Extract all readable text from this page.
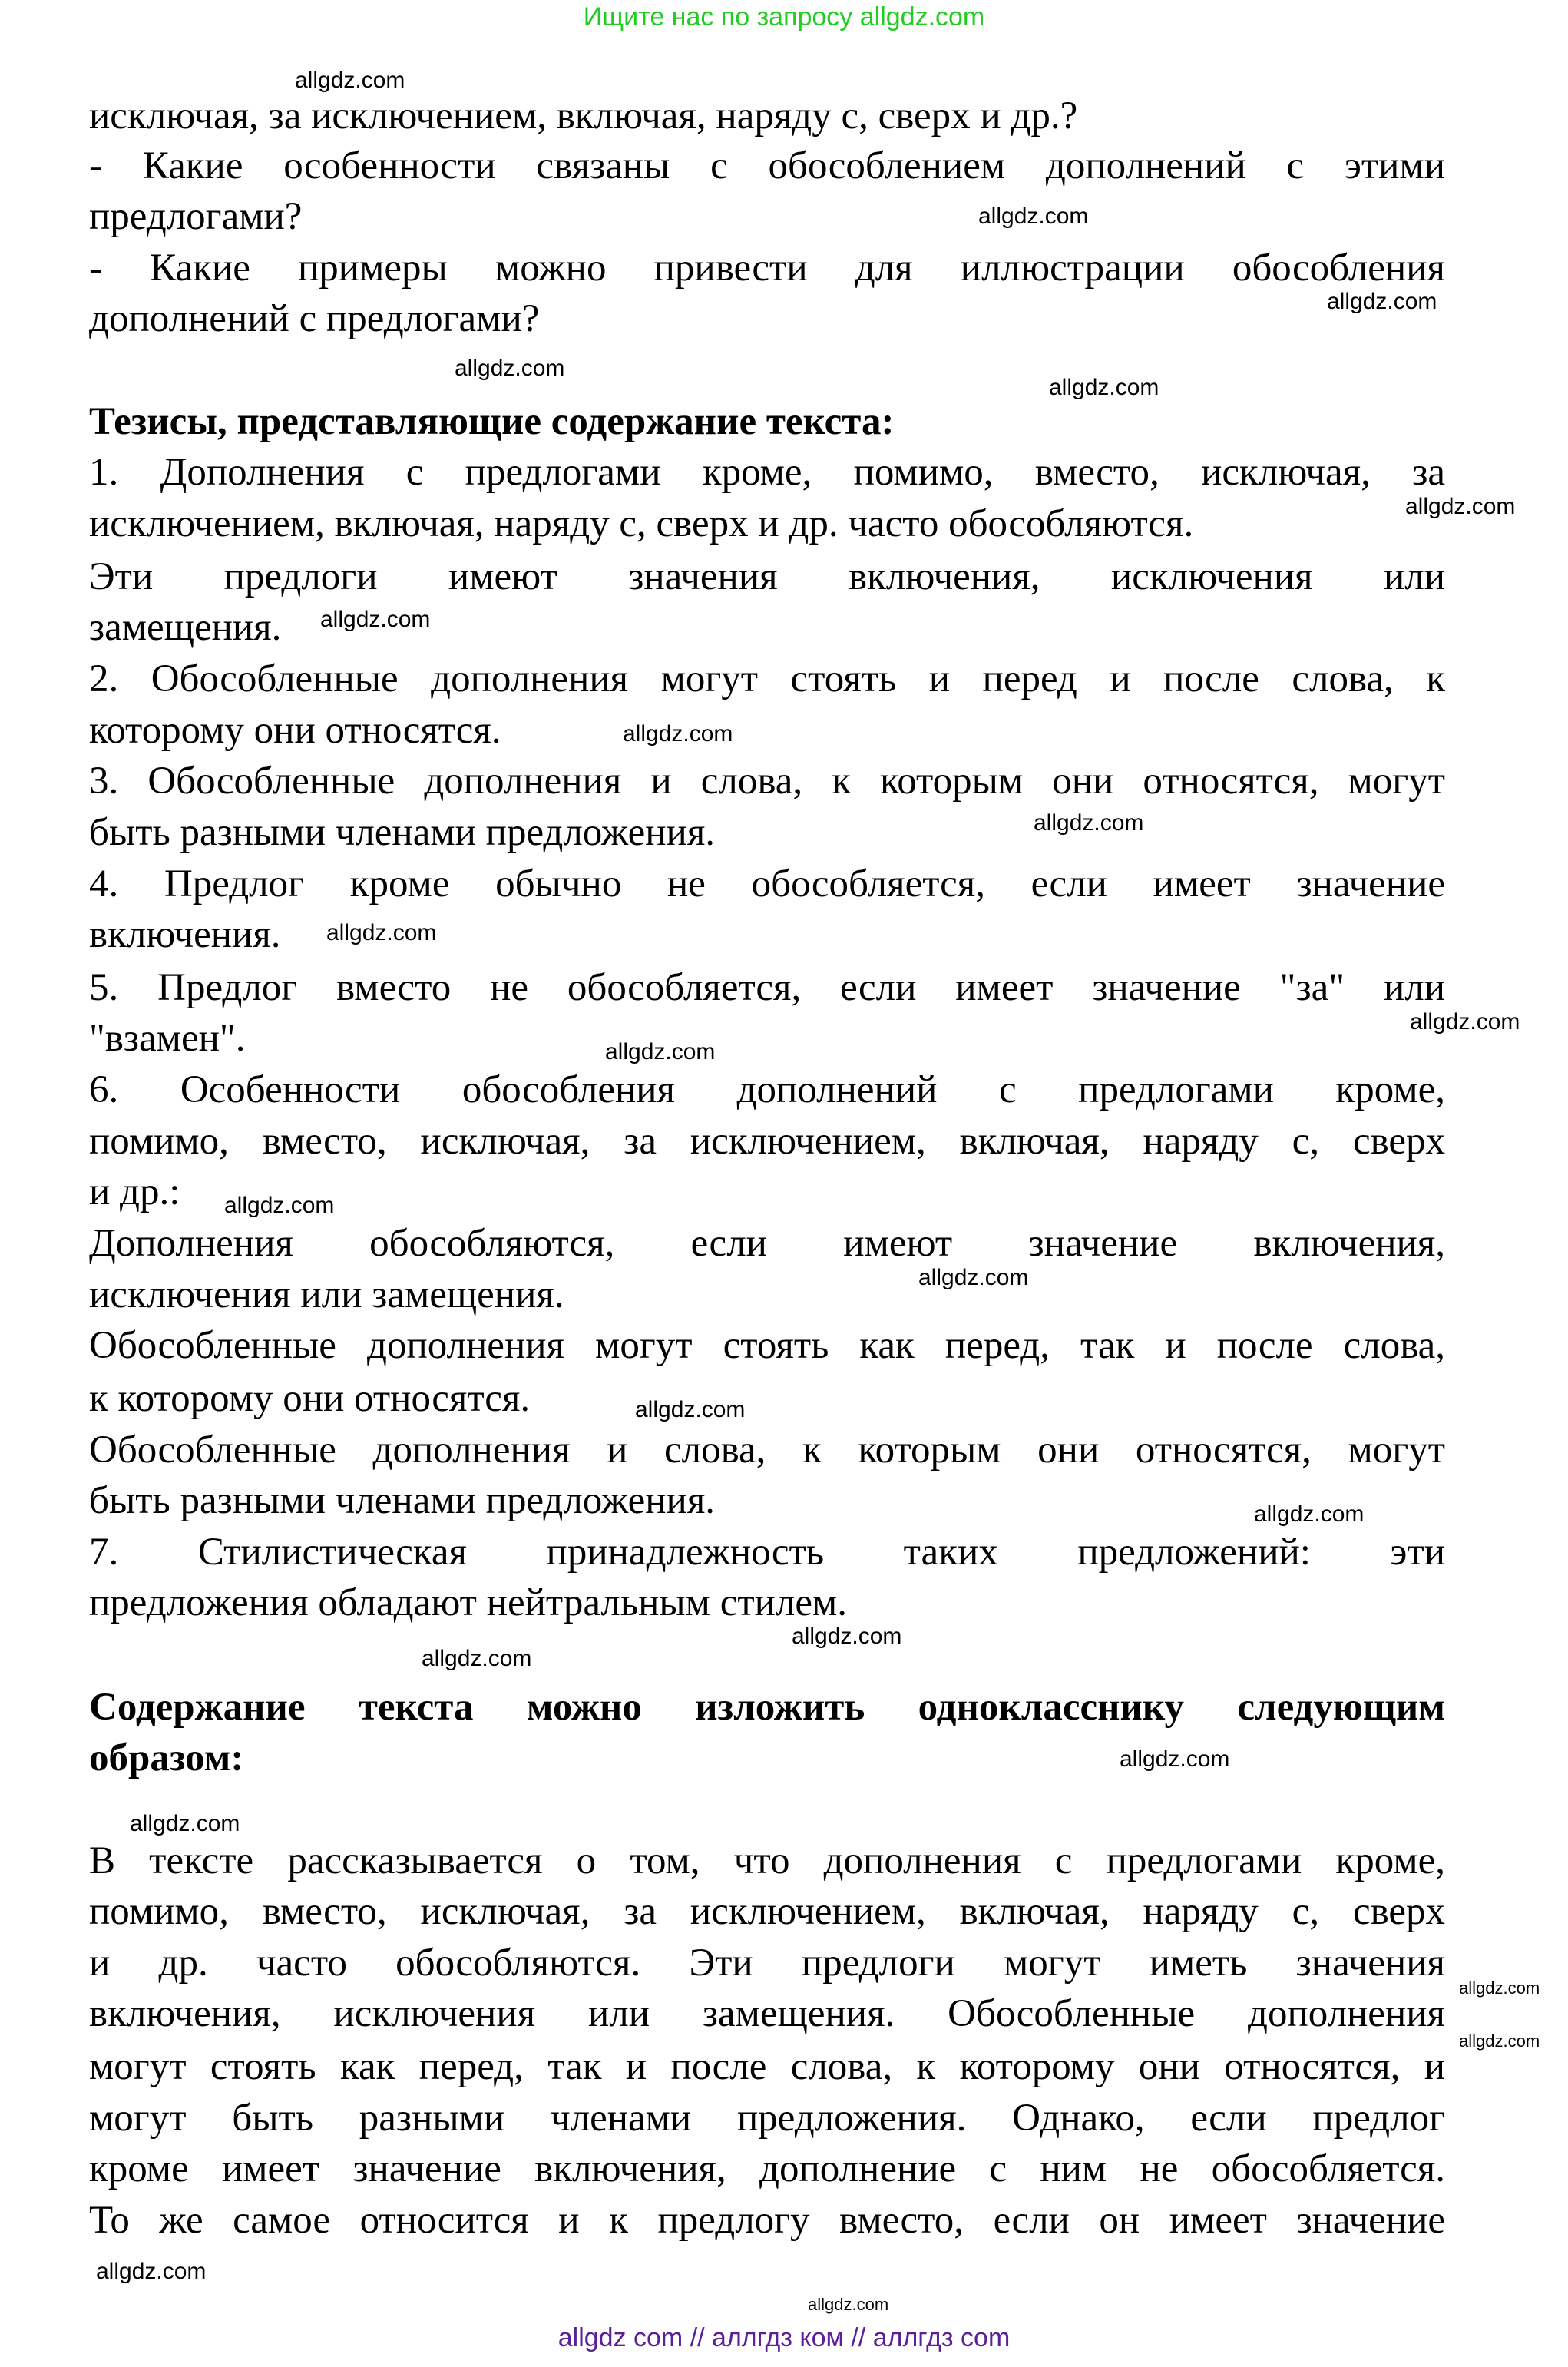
Ищите нас по запросу allgdz.com
исключая, за исключением, включая, наряду с, сверх и др.?
- Какие особенности связаны с обособлением дополнений с этими
предлогами?
- Какие примеры можно привести для иллюстрации обособления
дополнений с предлогами?
Тезисы, представляющие содержание текста:
1. Дополнения с предлогами кроме, помимо, вместо, исключая, за
исключением, включая, наряду с, сверх и др. часто обособляются.
Эти предлоги имеют значения включения, исключения или
замещения.
2. Обособленные дополнения могут стоять и перед и после слова, к
которому они относятся.
3. Обособленные дополнения и слова, к которым они относятся, могут
быть разными членами предложения.
4. Предлог кроме обычно не обособляется, если имеет значение
включения.
5. Предлог вместо не обособляется, если имеет значение "за" или
"взамен".
6. Особенности обособления дополнений с предлогами кроме,
помимо, вместо, исключая, за исключением, включая, наряду с, сверх
и др.:
Дополнения обособляются, если имеют значение включения,
исключения или замещения.
Обособленные дополнения могут стоять как перед, так и после слова,
к которому они относятся.
Обособленные дополнения и слова, к которым они относятся, могут
быть разными членами предложения.
7. Стилистическая принадлежность таких предложений: эти
предложения обладают нейтральным стилем.
Содержание текста можно изложить однокласснику следующим
образом:
В тексте рассказывается о том, что дополнения с предлогами кроме,
помимо, вместо, исключая, за исключением, включая, наряду с, сверх
и др. часто обособляются. Эти предлоги могут иметь значения
включения, исключения или замещения. Обособленные дополнения
могут стоять как перед, так и после слова, к которому они относятся, и
могут быть разными членами предложения. Однако, если предлог
кроме имеет значение включения, дополнение с ним не обособляется.
То же самое относится и к предлогу вместо, если он имеет значение
allgdz com // аллгдз ком // аллгдз com
allgdz.com
allgdz.com
allgdz.com
allgdz.com
allgdz.com
allgdz.com
allgdz.com
allgdz.com
allgdz.com
allgdz.com
allgdz.com
allgdz.com
allgdz.com
allgdz.com
allgdz.com
allgdz.com
allgdz.com
allgdz.com
allgdz.com
allgdz.com
allgdz.com
allgdz.com
allgdz.com
allgdz.com
